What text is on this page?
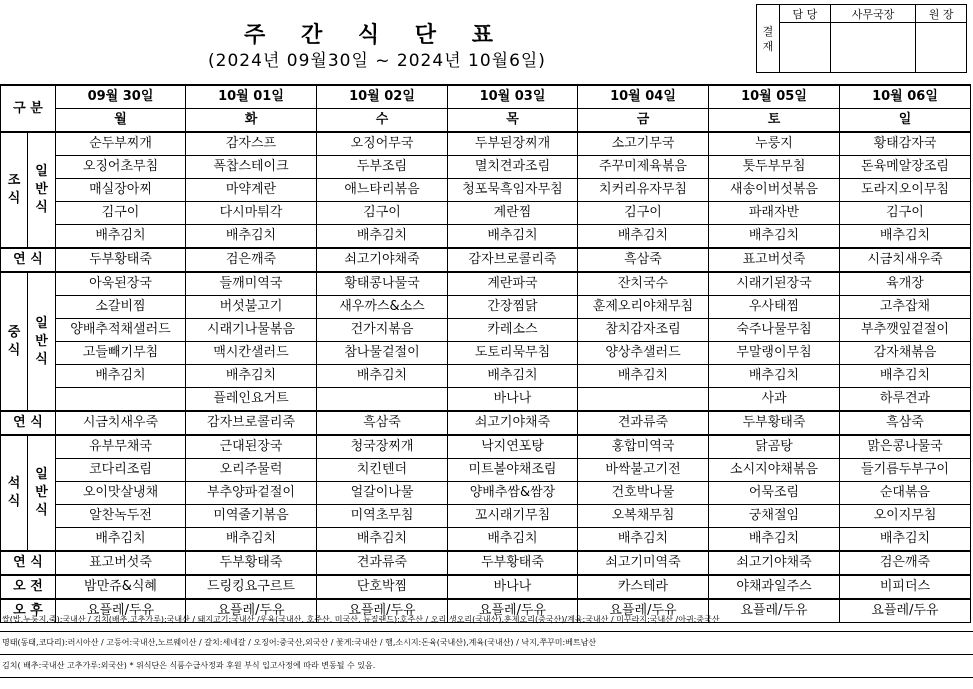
주 간 식 단 표
(2024년 09월30일 ~ 2024년 10월6일)
결
재	담 당	사무국장	원 장

구 분		09월 30일	10월 01일	10월 02일	10월 03일	10월 04일	10월 05일	10월 06일
		월	화	수	목	금	토	일
조
식	일
반
식	순두부찌개	감자스프	오징어무국	두부된장찌개	소고기무국	누룽지	황태감자국
		오징어초무침	폭찹스테이크	두부조림	멸치견과조림	주꾸미제육볶음	톳두부무침	돈육메알장조림
		매실장아찌	마약계란	애느타리볶음	청포묵흑임자무침	치커리유자무침	새송이버섯볶음	도라지오이무침
		김구이	다시마튀각	김구이	계란찜	김구이	파래자반	김구이
		배추김치	배추김치	배추김치	배추김치	배추김치	배추김치	배추김치
연 식		두부황태죽	검은깨죽	쇠고기야채죽	감자브로콜리죽	흑삼죽	표고버섯죽	시금치새우죽
중
식	일
반
식	아욱된장국	들깨미역국	황태콩나물국	계란파국	잔치국수	시래기된장국	육개장
		소갈비찜	버섯불고기	새우까스&소스	간장찜닭	훈제오리야채무침	우사태찜	고추잡채
		양배추적채샐러드	시래기나물볶음	건가지볶음	카레소스	참치감자조림	숙주나물무침	부추깻잎겉절이
		고들빼기무침	맥시칸샐러드	참나물겉절이	도토리묵무침	양상추샐러드	무말랭이무침	감자채볶음
		배추김치	배추김치	배추김치	배추김치	배추김치	배추김치	배추김치
			플레인요거트		바나나		사과	하루견과
연 식		시금치새우죽	감자브로콜리죽	흑삼죽	쇠고기야채죽	견과류죽	두부황태죽	흑삼죽
석
식	일
반
식	유부무채국	근대된장국	청국장찌개	낙지연포탕	홍합미역국	닭곰탕	맑은콩나물국
		코다리조림	오리주물럭	치킨텐더	미트볼야채조림	바싹불고기전	소시지야채볶음	들기름두부구이
		오이맛살냉채	부추양파겉절이	얼갈이나물	양배추쌈&쌈장	건호박나물	어묵조림	순대볶음
		알찬녹두전	미역줄기볶음	미역초무침	꼬시래기무침	오복채무침	궁채절임	오이지무침
		배추김치	배추김치	배추김치	배추김치	배추김치	배추김치	배추김치
연 식		표고버섯죽	두부황태죽	견과류죽	두부황태죽	쇠고기미역죽	쇠고기야채죽	검은깨죽
오 전		밤만쥬&식혜	드링킹요구르트	단호박찜	바나나	카스테라	야채과일주스	비피더스
오 후		요플레/두유	요플레/두유	요플레/두유	요플레/두유	요플레/두유	요플레/두유	요플레/두유
쌀(밥,누룽지,죽):국내산 / 김치(배추,고추가루):국내산 / 돼지고기:국내산 /우육(국내산, 호주산, 미국산, 뉴질랜드):호주산 / 오리:생오리(국내산),훈제오리(중국산)/계육:국내산 / 미꾸라지:국내산 /아귀:중국산
명태(동태,코다리):러시아산 / 고등어:국내산,노르웨이산 / 갈치:세네갈 / 오징어:중국산,외국산 / 꽃게:국내산 / 햄,소시지:돈육(국내산),계육(국내산) / 낙지,쭈꾸미:베트남산
김치( 배추:국내산 고추가루:외국산) * 위식단은 식품수급사정과 후원 부식 입고사정에 따라 변동될 수 있음.
